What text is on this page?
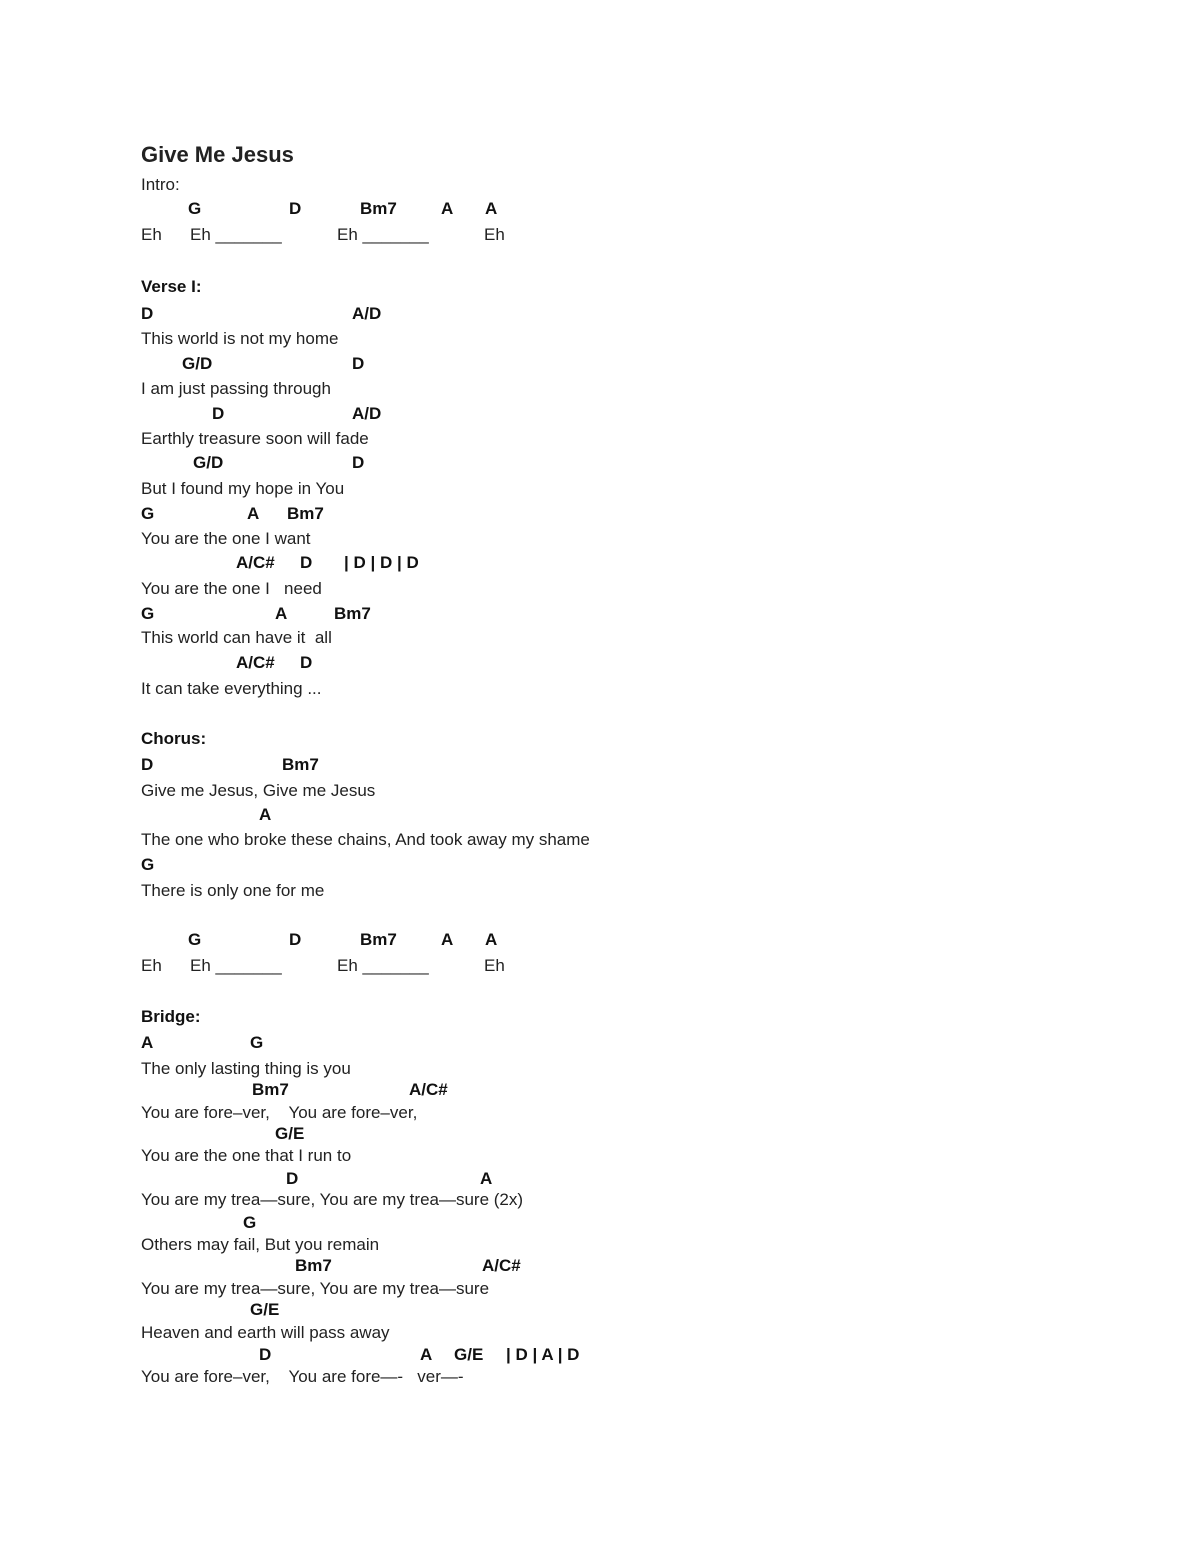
Give Me Jesus
Intro:
G	D	Bm7	A A
Eh Eh _______	Eh _______	Eh
Verse I:
D	A/D
This world is not my home
G/D	D
I am just passing through
D	A/D
Earthly treasure soon will fade
G/D	D
But I found my hope in You
G	A Bm7
You are the one I want
A/C# D | D | D | D
You are the one I   need
G	A	Bm7
This world can have it  all
A/C# D
It can take everything ...
Chorus:
D	Bm7
Give me Jesus, Give me Jesus
A
The one who broke these chains, And took away my shame
G
There is only one for me
G	D	Bm7	A A
Eh Eh _______	Eh _______	Eh
Bridge:
A	G
The only lasting thing is you
Bm7	A/C#
You are fore–ver,    You are fore–ver,
G/E
You are the one that I run to
D	A
You are my trea—sure, You are my trea—sure (2x)
G
Others may fail, But you remain
Bm7	A/C#
You are my trea—sure, You are my trea—sure
G/E
Heaven and earth will pass away
D	A G/E | D | A | D
You are fore–ver,    You are fore—-   ver—-
